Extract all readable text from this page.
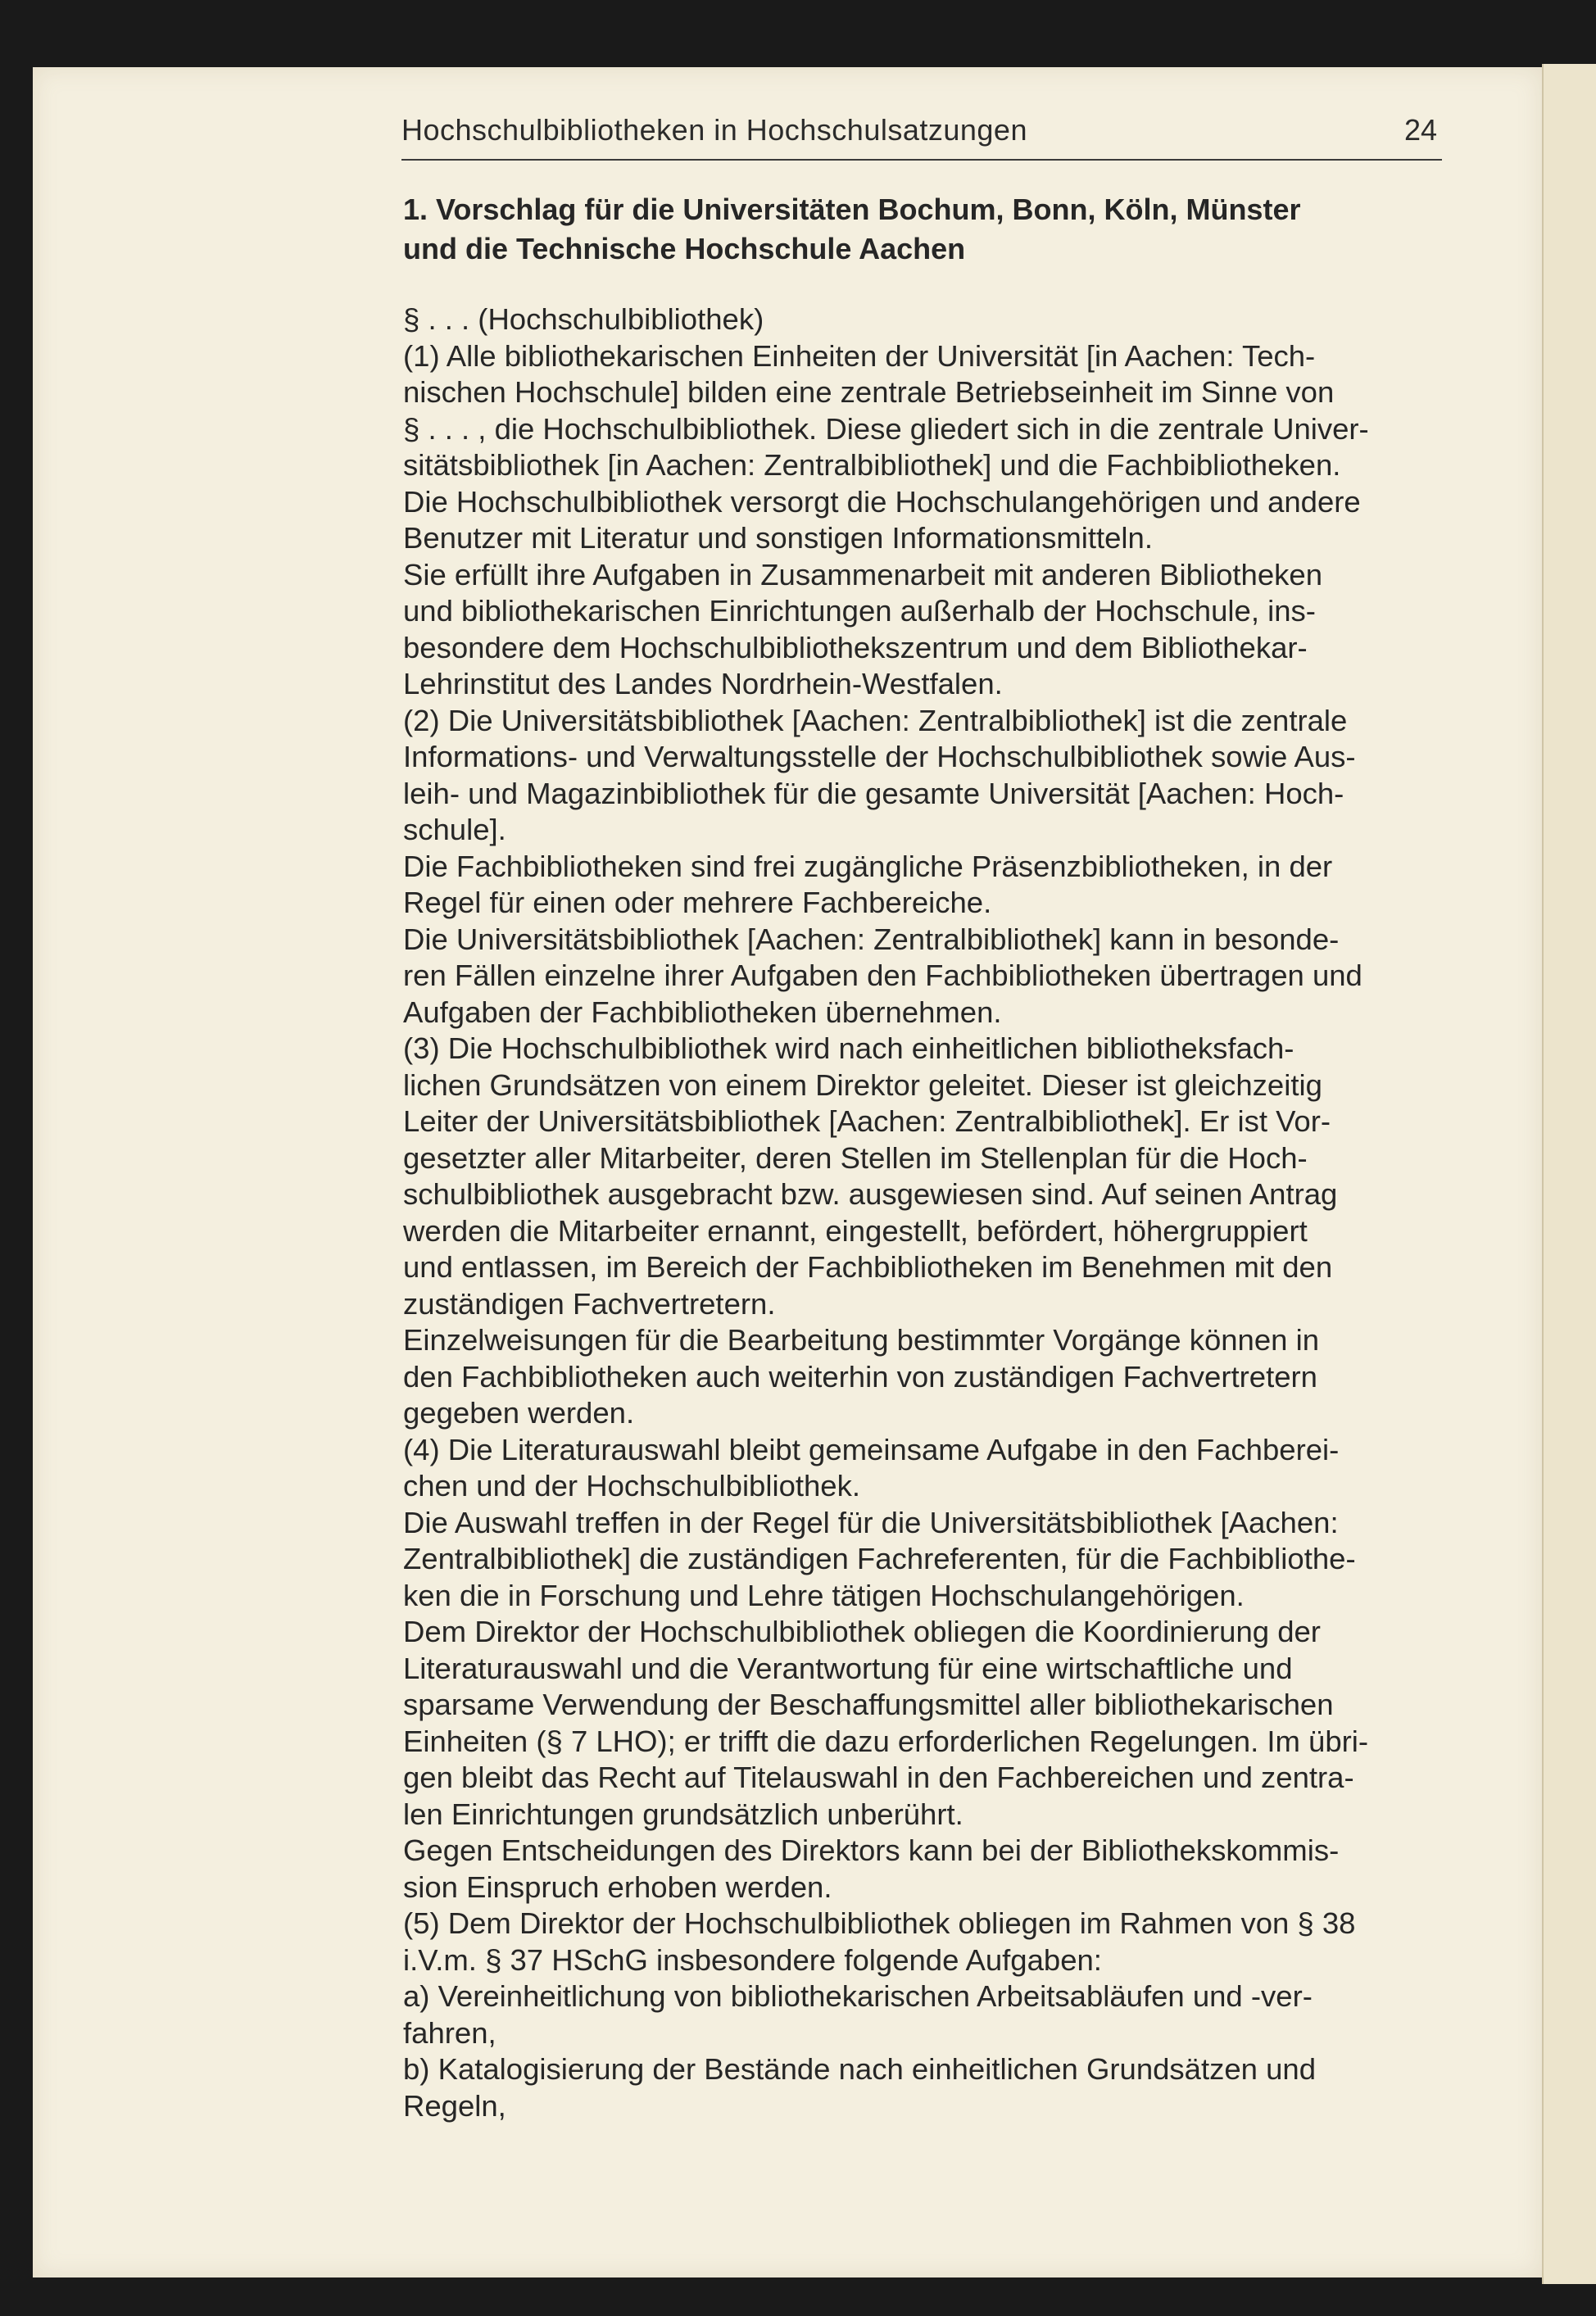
Hochschulbibliotheken in Hochschulsatzungen	24
1. Vorschlag für die Universitäten Bochum, Bonn, Köln, Münster
und die Technische Hochschule Aachen
§ . . . (Hochschulbibliothek)
(1) Alle bibliothekarischen Einheiten der Universität [in Aachen: Tech-
nischen Hochschule] bilden eine zentrale Betriebseinheit im Sinne von
§ . . . , die Hochschulbibliothek. Diese gliedert sich in die zentrale Univer-
sitätsbibliothek [in Aachen: Zentralbibliothek] und die Fachbibliotheken.
Die Hochschulbibliothek versorgt die Hochschulangehörigen und andere
Benutzer mit Literatur und sonstigen Informationsmitteln.
Sie erfüllt ihre Aufgaben in Zusammenarbeit mit anderen Bibliotheken
und bibliothekarischen Einrichtungen außerhalb der Hochschule, ins-
besondere dem Hochschulbibliothekszentrum und dem Bibliothekar-
Lehrinstitut des Landes Nordrhein-Westfalen.
(2) Die Universitätsbibliothek [Aachen: Zentralbibliothek] ist die zentrale
Informations- und Verwaltungsstelle der Hochschulbibliothek sowie Aus-
leih- und Magazinbibliothek für die gesamte Universität [Aachen: Hoch-
schule].
Die Fachbibliotheken sind frei zugängliche Präsenzbibliotheken, in der
Regel für einen oder mehrere Fachbereiche.
Die Universitätsbibliothek [Aachen: Zentralbibliothek] kann in besonde-
ren Fällen einzelne ihrer Aufgaben den Fachbibliotheken übertragen und
Aufgaben der Fachbibliotheken übernehmen.
(3) Die Hochschulbibliothek wird nach einheitlichen bibliotheksfach-
lichen Grundsätzen von einem Direktor geleitet. Dieser ist gleichzeitig
Leiter der Universitätsbibliothek [Aachen: Zentralbibliothek]. Er ist Vor-
gesetzter aller Mitarbeiter, deren Stellen im Stellenplan für die Hoch-
schulbibliothek ausgebracht bzw. ausgewiesen sind. Auf seinen Antrag
werden die Mitarbeiter ernannt, eingestellt, befördert, höhergruppiert
und entlassen, im Bereich der Fachbibliotheken im Benehmen mit den
zuständigen Fachvertretern.
Einzelweisungen für die Bearbeitung bestimmter Vorgänge können in
den Fachbibliotheken auch weiterhin von zuständigen Fachvertretern
gegeben werden.
(4) Die Literaturauswahl bleibt gemeinsame Aufgabe in den Fachberei-
chen und der Hochschulbibliothek.
Die Auswahl treffen in der Regel für die Universitätsbibliothek [Aachen:
Zentralbibliothek] die zuständigen Fachreferenten, für die Fachbibliothe-
ken die in Forschung und Lehre tätigen Hochschulangehörigen.
Dem Direktor der Hochschulbibliothek obliegen die Koordinierung der
Literaturauswahl und die Verantwortung für eine wirtschaftliche und
sparsame Verwendung der Beschaffungsmittel aller bibliothekarischen
Einheiten (§ 7 LHO); er trifft die dazu erforderlichen Regelungen. Im übri-
gen bleibt das Recht auf Titelauswahl in den Fachbereichen und zentra-
len Einrichtungen grundsätzlich unberührt.
Gegen Entscheidungen des Direktors kann bei der Bibliothekskommis-
sion Einspruch erhoben werden.
(5) Dem Direktor der Hochschulbibliothek obliegen im Rahmen von § 38
i.V.m. § 37 HSchG insbesondere folgende Aufgaben:
a) Vereinheitlichung von bibliothekarischen Arbeitsabläufen und -ver-
fahren,
b) Katalogisierung der Bestände nach einheitlichen Grundsätzen und
Regeln,
